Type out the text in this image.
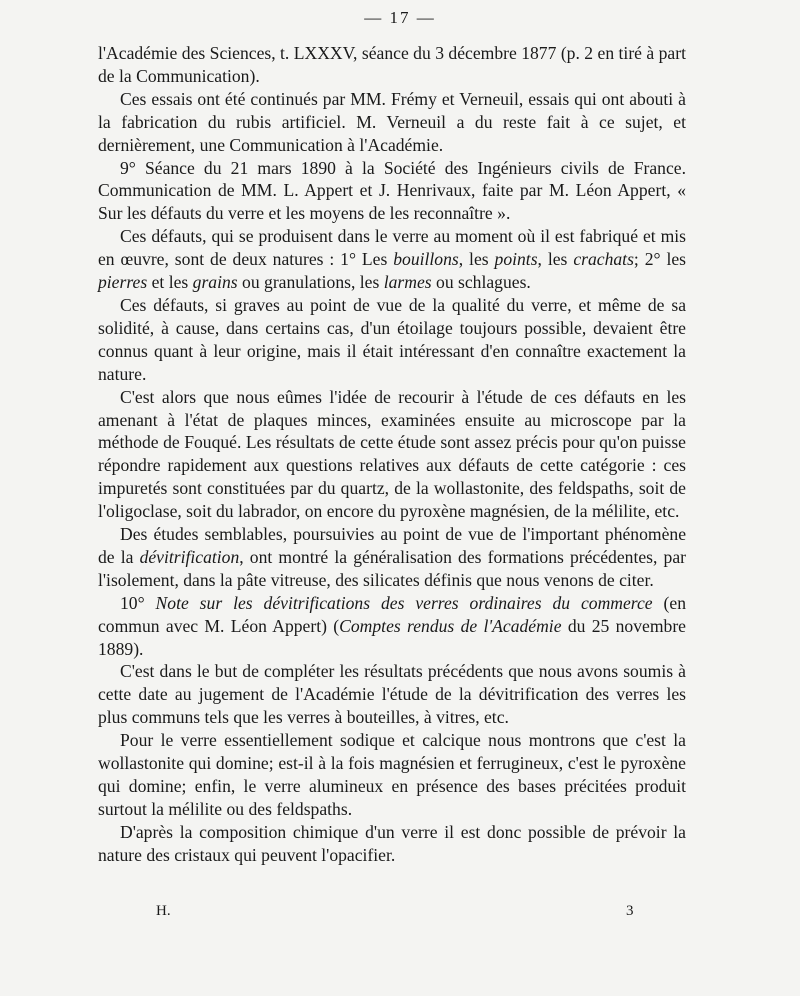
— 17 —

l'Académie des Sciences, t. LXXXV, séance du 3 décembre 1877 (p. 2 en tiré à part de la Communication).

Ces essais ont été continués par MM. Frémy et Verneuil, essais qui ont abouti à la fabrication du rubis artificiel. M. Verneuil a du reste fait à ce sujet, et dernièrement, une Communication à l'Académie.

9° Séance du 21 mars 1890 à la Société des Ingénieurs civils de France. Communication de MM. L. Appert et J. Henrivaux, faite par M. Léon Appert, « Sur les défauts du verre et les moyens de les reconnaître ».

Ces défauts, qui se produisent dans le verre au moment où il est fabriqué et mis en œuvre, sont de deux natures : 1° Les bouillons, les points, les crachats; 2° les pierres et les grains ou granulations, les larmes ou schlagues.

Ces défauts, si graves au point de vue de la qualité du verre, et même de sa solidité, à cause, dans certains cas, d'un étoilage toujours possible, devaient être connus quant à leur origine, mais il était intéressant d'en connaître exactement la nature.

C'est alors que nous eûmes l'idée de recourir à l'étude de ces défauts en les amenant à l'état de plaques minces, examinées ensuite au microscope par la méthode de Fouqué. Les résultats de cette étude sont assez précis pour qu'on puisse répondre rapidement aux questions relatives aux défauts de cette catégorie : ces impuretés sont constituées par du quartz, de la wollastonite, des feldspaths, soit de l'oligoclase, soit du labrador, on encore du pyroxène magnésien, de la mélilite, etc.

Des études semblables, poursuivies au point de vue de l'important phénomène de la dévitrification, ont montré la généralisation des formations précédentes, par l'isolement, dans la pâte vitreuse, des silicates définis que nous venons de citer.

10° Note sur les dévitrifications des verres ordinaires du commerce (en commun avec M. Léon Appert) (Comptes rendus de l'Académie du 25 novembre 1889).

C'est dans le but de compléter les résultats précédents que nous avons soumis à cette date au jugement de l'Académie l'étude de la dévitrification des verres les plus communs tels que les verres à bouteilles, à vitres, etc.

Pour le verre essentiellement sodique et calcique nous montrons que c'est la wollastonite qui domine; est-il à la fois magnésien et ferrugineux, c'est le pyroxène qui domine; enfin, le verre alumineux en présence des bases précitées produit surtout la mélilite ou des feldspaths.

D'après la composition chimique d'un verre il est donc possible de prévoir la nature des cristaux qui peuvent l'opacifier.

H.	3
